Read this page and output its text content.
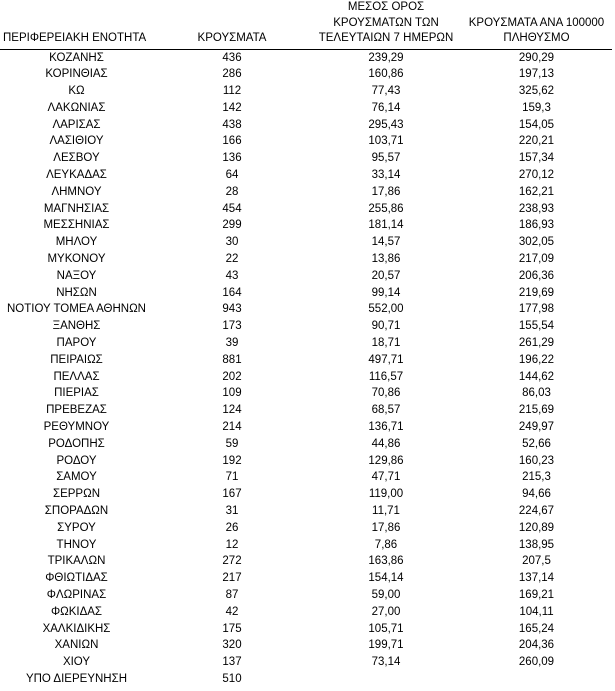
ΠΕΡΙΦΕΡΕΙΑΚΗ ΕΝΟΤΗΤΑ	ΚΡΟΥΣΜΑΤΑ	ΜΕΣΟΣ ΟΡΟΣ
ΚΡΟΥΣΜΑΤΩΝ ΤΩΝ
ΤΕΛΕΥΤΑΙΩΝ 7 ΗΜΕΡΩΝ	ΚΡΟΥΣΜΑΤΑ ΑΝΑ 100000
ΠΛΗΘΥΣΜΟ
ΚΟΖΑΝΗΣ	436	239,29	290,29
ΚΟΡΙΝΘΙΑΣ	286	160,86	197,13
ΚΩ	112	77,43	325,62
ΛΑΚΩΝΙΑΣ	142	76,14	159,3
ΛΑΡΙΣΑΣ	438	295,43	154,05
ΛΑΣΙΘΙΟΥ	166	103,71	220,21
ΛΕΣΒΟΥ	136	95,57	157,34
ΛΕΥΚΑΔΑΣ	64	33,14	270,12
ΛΗΜΝΟΥ	28	17,86	162,21
ΜΑΓΝΗΣΙΑΣ	454	255,86	238,93
ΜΕΣΣΗΝΙΑΣ	299	181,14	186,93
ΜΗΛΟΥ	30	14,57	302,05
ΜΥΚΟΝΟΥ	22	13,86	217,09
ΝΑΞΟΥ	43	20,57	206,36
ΝΗΣΩΝ	164	99,14	219,69
ΝΟΤΙΟΥ ΤΟΜΕΑ ΑΘΗΝΩΝ	943	552,00	177,98
ΞΑΝΘΗΣ	173	90,71	155,54
ΠΑΡΟΥ	39	18,71	261,29
ΠΕΙΡΑΙΩΣ	881	497,71	196,22
ΠΕΛΛΑΣ	202	116,57	144,62
ΠΙΕΡΙΑΣ	109	70,86	86,03
ΠΡΕΒΕΖΑΣ	124	68,57	215,69
ΡΕΘΥΜΝΟΥ	214	136,71	249,97
ΡΟΔΟΠΗΣ	59	44,86	52,66
ΡΟΔΟΥ	192	129,86	160,23
ΣΑΜΟΥ	71	47,71	215,3
ΣΕΡΡΩΝ	167	119,00	94,66
ΣΠΟΡΑΔΩΝ	31	11,71	224,67
ΣΥΡΟΥ	26	17,86	120,89
ΤΗΝΟΥ	12	7,86	138,95
ΤΡΙΚΑΛΩΝ	272	163,86	207,5
ΦΘΙΩΤΙΔΑΣ	217	154,14	137,14
ΦΛΩΡΙΝΑΣ	87	59,00	169,21
ΦΩΚΙΔΑΣ	42	27,00	104,11
ΧΑΛΚΙΔΙΚΗΣ	175	105,71	165,24
ΧΑΝΙΩΝ	320	199,71	204,36
ΧΙΟΥ	137	73,14	260,09
ΥΠΟ ΔΙΕΡΕΥΝΗΣΗ	510		
